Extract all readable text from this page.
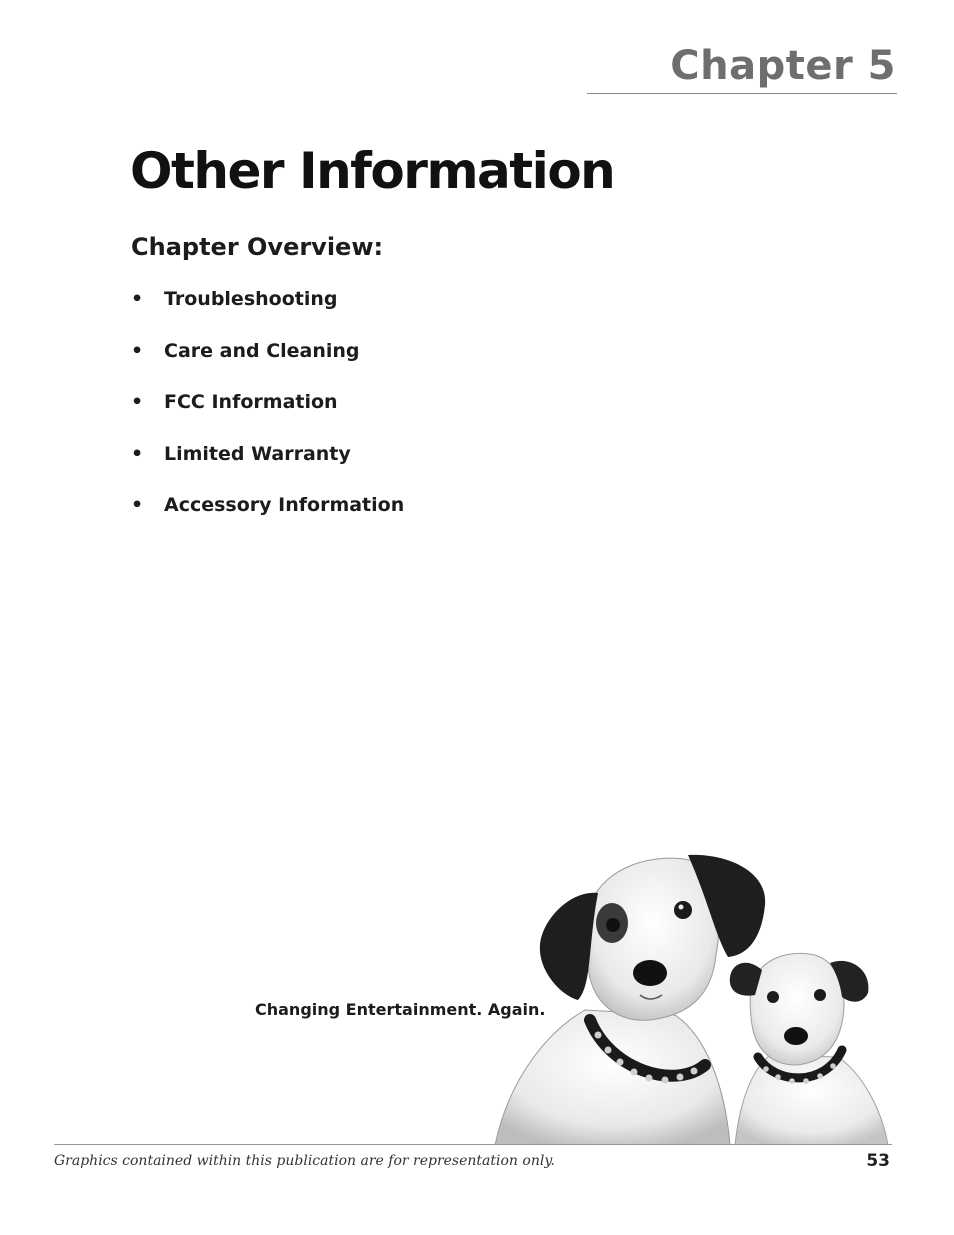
Chapter 5
Other Information
Chapter Overview:
•	Troubleshooting
•	Care and Cleaning
•	FCC Information
•	Limited Warranty
•	Accessory Information
Changing Entertainment. Again.
Graphics contained within this publication are for representation only.	53
